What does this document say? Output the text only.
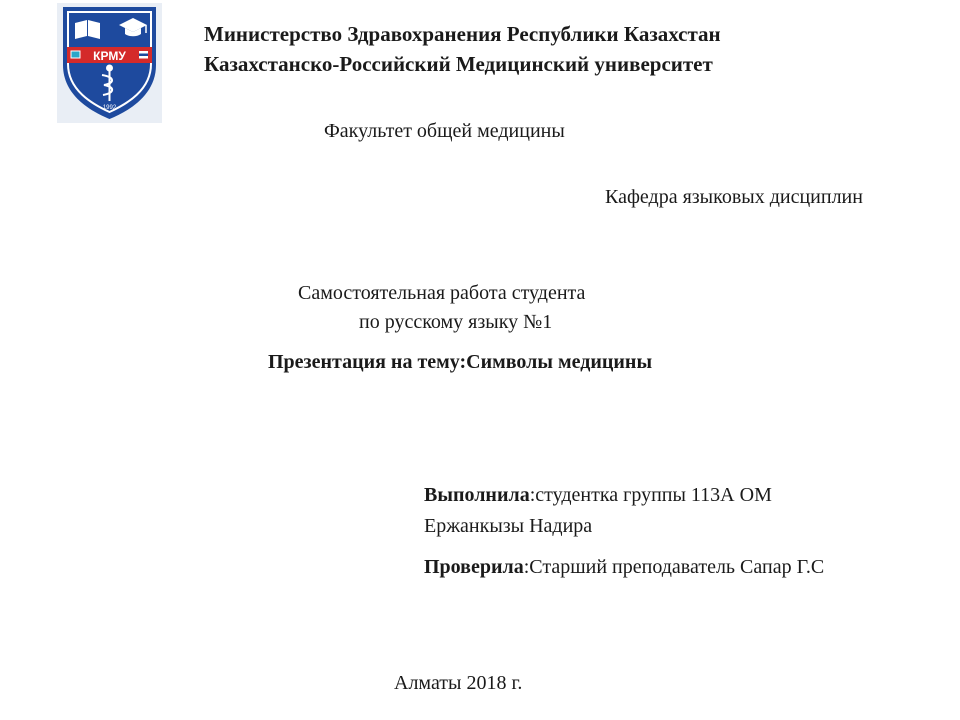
КРМУ
1992
Министерство Здравохранения Республики Казахстан
Казахстанско-Российский Медицинский университет
Факультет общей медицины
Кафедра языковых дисциплин
Самостоятельная работа студента
по русскому языку №1
Презентация на тему:Символы медицины
Выполнила:студентка группы 113А ОМ
Ержанкызы Надира
Проверила:Старший преподаватель Сапар Г.С
Алматы 2018 г.
